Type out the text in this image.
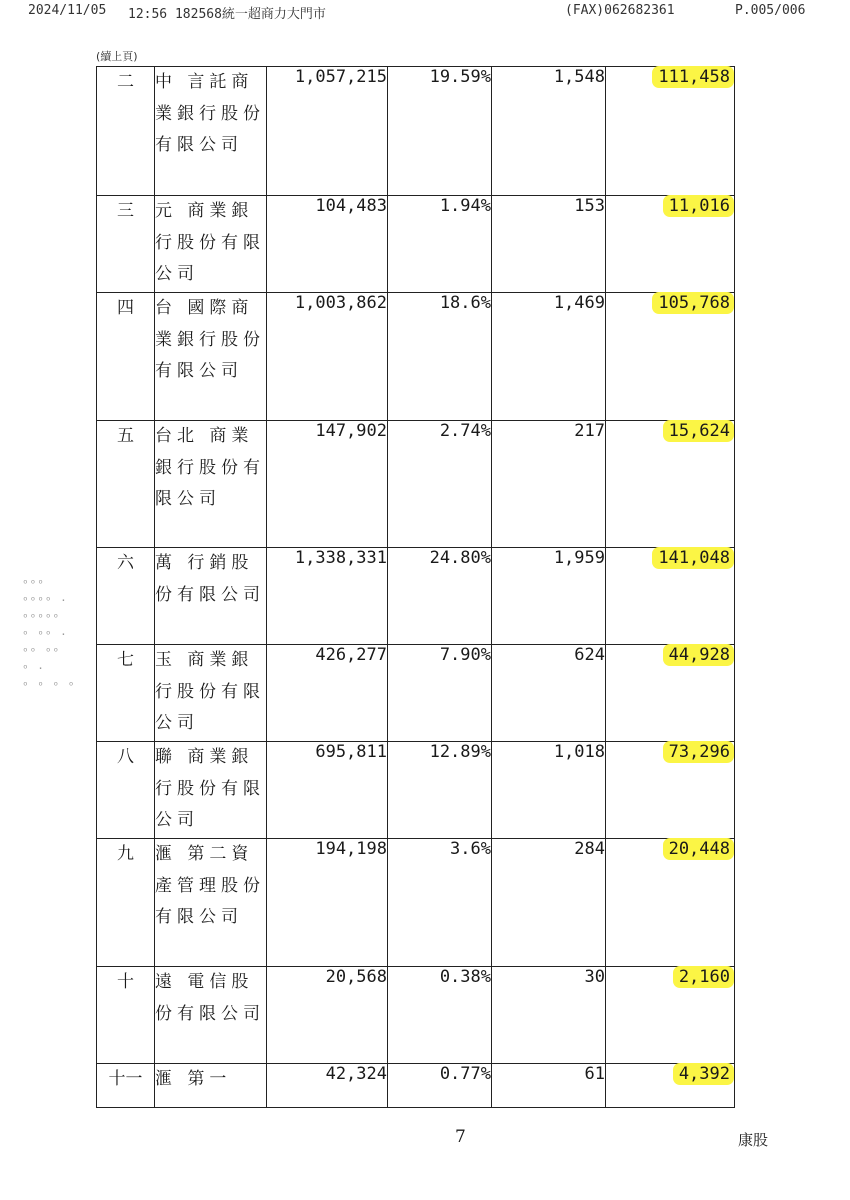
2024/11/05 12:56 182568統一超商力大門市	(FAX)062682361	P.005/006
(續上頁)
二	中 言託商業銀行股份有限公司	1,057,215	19.59%	1,548	111,458
三	元 商業銀行股份有限公司	104,483	1.94%	153	11,016
四	台 國際商業銀行股份有限公司	1,003,862	18.6%	1,469	105,768
五	台北 商業銀行股份有限公司	147,902	2.74%	217	15,624
六	萬 行銷股份有限公司	1,338,331	24.80%	1,959	141,048
七	玉 商業銀行股份有限公司	426,277	7.90%	624	44,928
八	聯 商業銀行股份有限公司	695,811	12.89%	1,018	73,296
九	滙 第二資產管理股份有限公司	194,198	3.6%	284	20,448
十	遠 電信股份有限公司	20,568	0.38%	30	2,160
十一	滙 第一	42,324	0.77%	61	4,392
ᵒᵒᵒ
ᵒᵒᵒᵒ ·
ᵒᵒᵒᵒᵒ
ᵒ ᵒᵒ ·
ᵒᵒ ᵒᵒ
ᵒ ·
ᵒ ᵒ ᵒ ᵒ
7	康股
